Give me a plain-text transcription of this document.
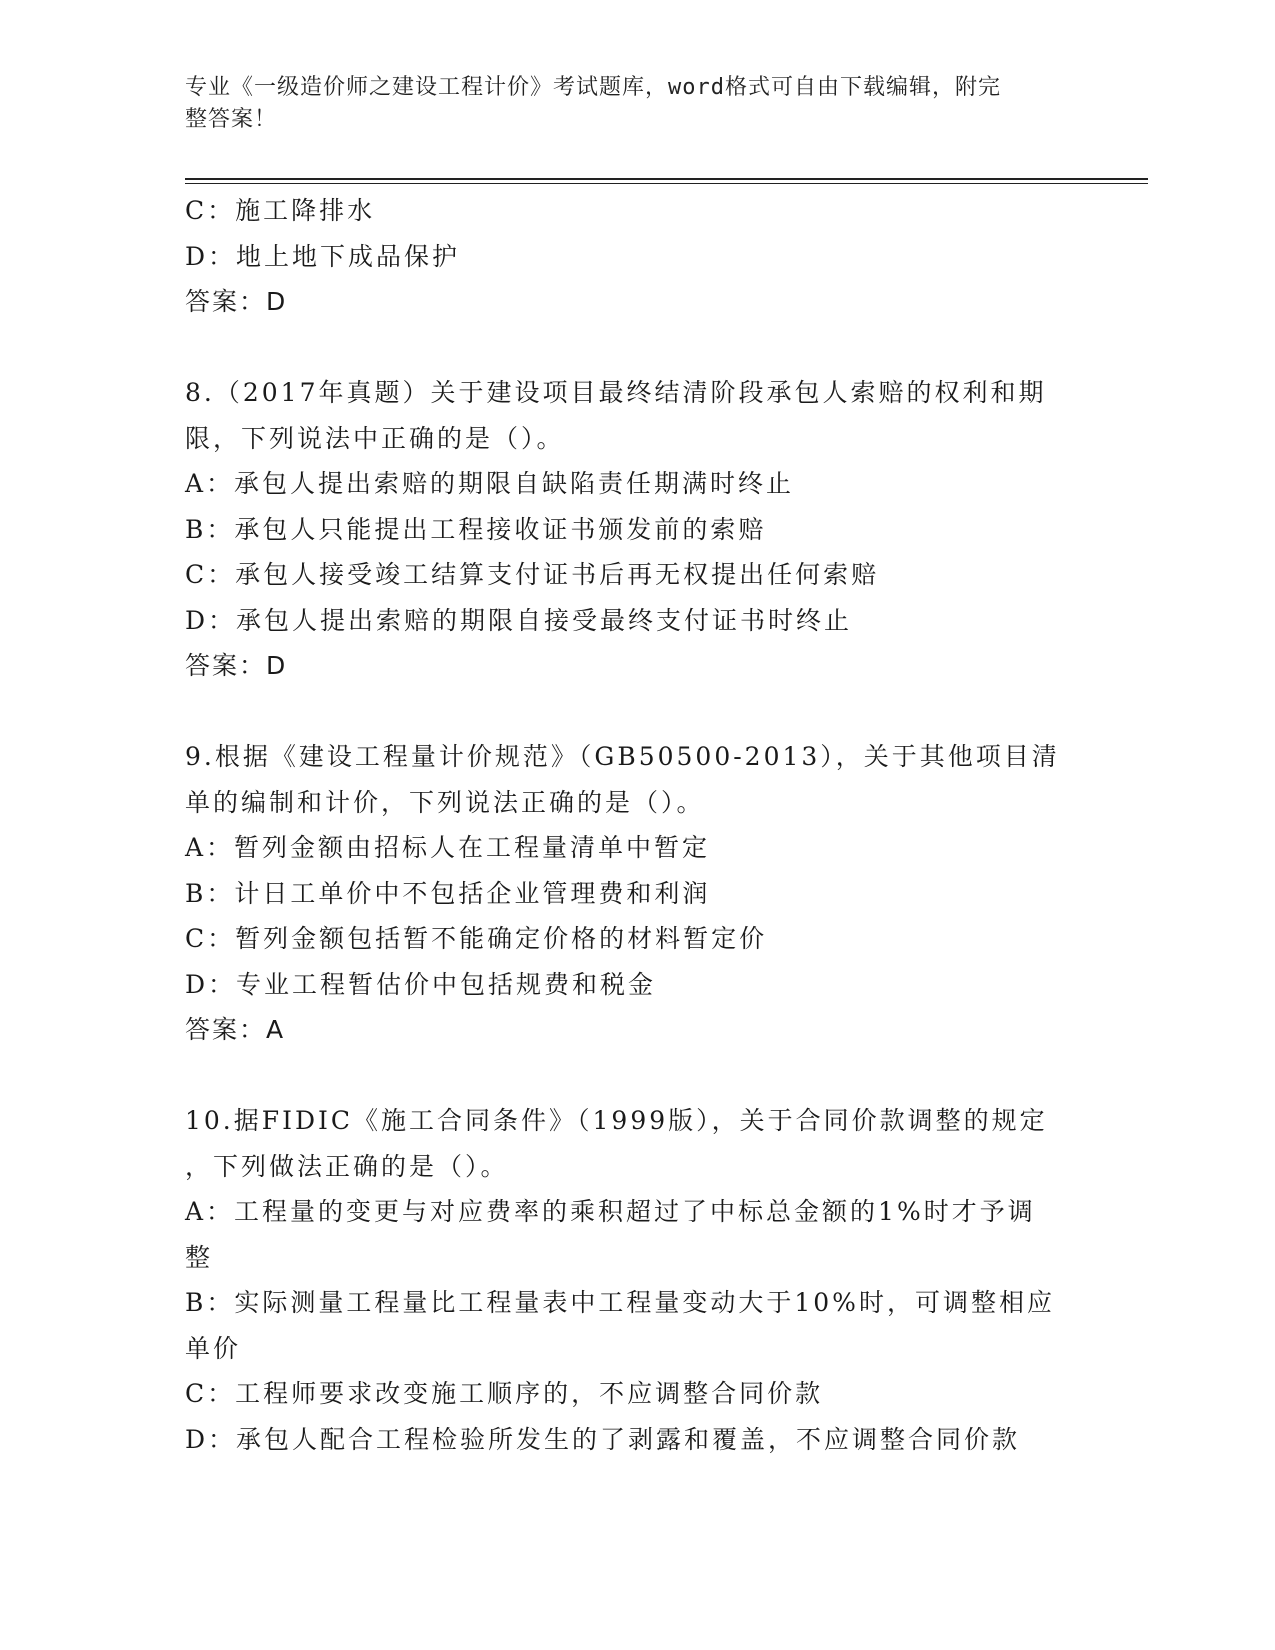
专业《一级造价师之建设工程计价》考试题库，word格式可自由下载编辑，附完
整答案！
C：施工降排水
D：地上地下成品保护
答案：D
8.（2017年真题）关于建设项目最终结清阶段承包人索赔的权利和期
限，下列说法中正确的是（）。
A：承包人提出索赔的期限自缺陷责任期满时终止
B：承包人只能提出工程接收证书颁发前的索赔
C：承包人接受竣工结算支付证书后再无权提出任何索赔
D：承包人提出索赔的期限自接受最终支付证书时终止
答案：D
9.根据《建设工程量计价规范》（GB50500-2013），关于其他项目清
单的编制和计价，下列说法正确的是（）。
A：暂列金额由招标人在工程量清单中暂定
B：计日工单价中不包括企业管理费和利润
C：暂列金额包括暂不能确定价格的材料暂定价
D：专业工程暂估价中包括规费和税金
答案：A
10.据FIDIC《施工合同条件》（1999版），关于合同价款调整的规定
，下列做法正确的是（）。
A：工程量的变更与对应费率的乘积超过了中标总金额的1%时才予调
整
B：实际测量工程量比工程量表中工程量变动大于10%时，可调整相应
单价
C：工程师要求改变施工顺序的，不应调整合同价款
D：承包人配合工程检验所发生的了剥露和覆盖，不应调整合同价款
